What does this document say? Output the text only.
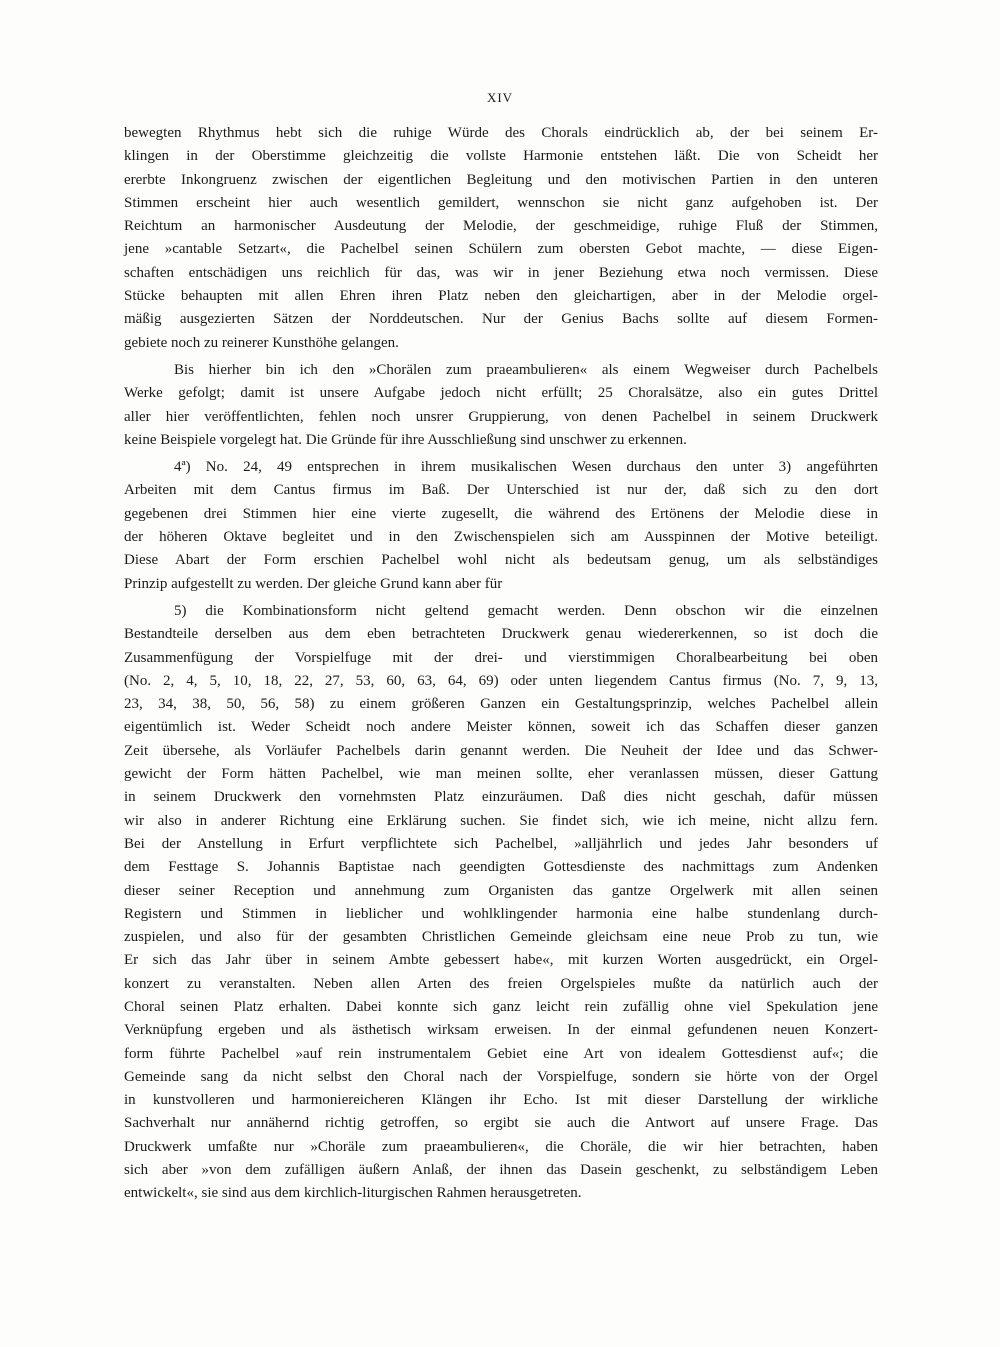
XIV
bewegten Rhythmus hebt sich die ruhige Würde des Chorals eindrücklich ab, der bei seinem Er-
klingen in der Oberstimme gleichzeitig die vollste Harmonie entstehen läßt. Die von Scheidt her
ererbte Inkongruenz zwischen der eigentlichen Begleitung und den motivischen Partien in den unteren
Stimmen erscheint hier auch wesentlich gemildert, wennschon sie nicht ganz aufgehoben ist. Der
Reichtum an harmonischer Ausdeutung der Melodie, der geschmeidige, ruhige Fluß der Stimmen,
jene »cantable Setzart«, die Pachelbel seinen Schülern zum obersten Gebot machte, — diese Eigen-
schaften entschädigen uns reichlich für das, was wir in jener Beziehung etwa noch vermissen. Diese
Stücke behaupten mit allen Ehren ihren Platz neben den gleichartigen, aber in der Melodie orgel-
mäßig ausgezierten Sätzen der Norddeutschen. Nur der Genius Bachs sollte auf diesem Formen-
gebiete noch zu reinerer Kunsthöhe gelangen.
Bis hierher bin ich den »Chorälen zum praeambulieren« als einem Wegweiser durch Pachelbels
Werke gefolgt; damit ist unsere Aufgabe jedoch nicht erfüllt; 25 Choralsätze, also ein gutes Drittel
aller hier veröffentlichten, fehlen noch unsrer Gruppierung, von denen Pachelbel in seinem Druckwerk
keine Beispiele vorgelegt hat. Die Gründe für ihre Ausschließung sind unschwer zu erkennen.
4ª) No. 24, 49 entsprechen in ihrem musikalischen Wesen durchaus den unter 3) angeführten
Arbeiten mit dem Cantus firmus im Baß. Der Unterschied ist nur der, daß sich zu den dort
gegebenen drei Stimmen hier eine vierte zugesellt, die während des Ertönens der Melodie diese in
der höheren Oktave begleitet und in den Zwischenspielen sich am Ausspinnen der Motive beteiligt.
Diese Abart der Form erschien Pachelbel wohl nicht als bedeutsam genug, um als selbständiges
Prinzip aufgestellt zu werden. Der gleiche Grund kann aber für
5) die Kombinationsform nicht geltend gemacht werden. Denn obschon wir die einzelnen
Bestandteile derselben aus dem eben betrachteten Druckwerk genau wiedererkennen, so ist doch die
Zusammenfügung der Vorspielfuge mit der drei- und vierstimmigen Choralbearbeitung bei oben
(No. 2, 4, 5, 10, 18, 22, 27, 53, 60, 63, 64, 69) oder unten liegendem Cantus firmus (No. 7, 9, 13,
23, 34, 38, 50, 56, 58) zu einem größeren Ganzen ein Gestaltungsprinzip, welches Pachelbel allein
eigentümlich ist. Weder Scheidt noch andere Meister können, soweit ich das Schaffen dieser ganzen
Zeit übersehe, als Vorläufer Pachelbels darin genannt werden. Die Neuheit der Idee und das Schwer-
gewicht der Form hätten Pachelbel, wie man meinen sollte, eher veranlassen müssen, dieser Gattung
in seinem Druckwerk den vornehmsten Platz einzuräumen. Daß dies nicht geschah, dafür müssen
wir also in anderer Richtung eine Erklärung suchen. Sie findet sich, wie ich meine, nicht allzu fern.
Bei der Anstellung in Erfurt verpflichtete sich Pachelbel, »alljährlich und jedes Jahr besonders uf
dem Festtage S. Johannis Baptistae nach geendigten Gottesdienste des nachmittags zum Andenken
dieser seiner Reception und annehmung zum Organisten das gantze Orgelwerk mit allen seinen
Registern und Stimmen in lieblicher und wohlklingender harmonia eine halbe stundenlang durch-
zuspielen, und also für der gesambten Christlichen Gemeinde gleichsam eine neue Prob zu tun, wie
Er sich das Jahr über in seinem Ambte gebessert habe«, mit kurzen Worten ausgedrückt, ein Orgel-
konzert zu veranstalten. Neben allen Arten des freien Orgelspieles mußte da natürlich auch der
Choral seinen Platz erhalten. Dabei konnte sich ganz leicht rein zufällig ohne viel Spekulation jene
Verknüpfung ergeben und als ästhetisch wirksam erweisen. In der einmal gefundenen neuen Konzert-
form führte Pachelbel »auf rein instrumentalem Gebiet eine Art von idealem Gottesdienst auf«; die
Gemeinde sang da nicht selbst den Choral nach der Vorspielfuge, sondern sie hörte von der Orgel
in kunstvolleren und harmoniereicheren Klängen ihr Echo. Ist mit dieser Darstellung der wirkliche
Sachverhalt nur annähernd richtig getroffen, so ergibt sie auch die Antwort auf unsere Frage. Das
Druckwerk umfaßte nur »Choräle zum praeambulieren«, die Choräle, die wir hier betrachten, haben
sich aber »von dem zufälligen äußern Anlaß, der ihnen das Dasein geschenkt, zu selbständigem Leben
entwickelt«, sie sind aus dem kirchlich-liturgischen Rahmen herausgetreten.
